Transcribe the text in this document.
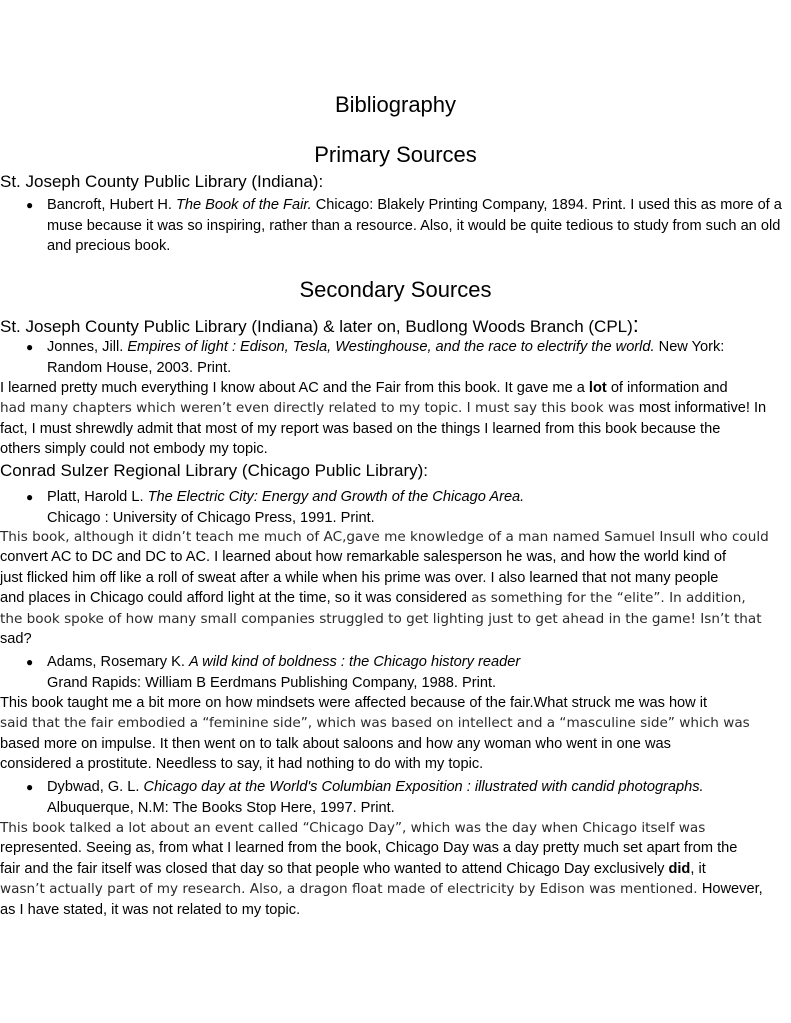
Bibliography
Primary Sources

St. Joseph County Public Library (Indiana):

● Bancroft, Hubert H. The Book of the Fair. Chicago: Blakely Printing Company, 1894. Print. I used this as more of a muse because it was so inspiring, rather than a resource. Also, it would be quite tedious to study from such an old and precious book.
Secondary Sources

St. Joseph County Public Library (Indiana) & later on, Budlong Woods Branch (CPL):

● Jonnes, Jill. Empires of light : Edison, Tesla, Westinghouse, and the race to electrify the world. New York: Random House, 2003. Print.
I learned pretty much everything I know about AC and the Fair from this book. It gave me a lot of information and
had many chapters which weren’t even directly related to my topic. I must say this book was most informative! In
fact, I must shrewdly admit that most of my report was based on the things I learned from this book because the
others simply could not embody my topic.

Conrad Sulzer Regional Library (Chicago Public Library):

● Platt, Harold L. The Electric City: Energy and Growth of the Chicago Area.
Chicago : University of Chicago Press, 1991. Print.
This book, although it didn’t teach me much of AC,gave me knowledge of a man named Samuel Insull who could
convert AC to DC and DC to AC. I learned about how remarkable salesperson he was, and how the world kind of
just flicked him off like a roll of sweat after a while when his prime was over. I also learned that not many people
and places in Chicago could afford light at the time, so it was considered as something for the “elite”. In addition,
the book spoke of how many small companies struggled to get lighting just to get ahead in the game! Isn’t that
sad?
● Adams, Rosemary K. A wild kind of boldness : the Chicago history reader
Grand Rapids: William B Eerdmans Publishing Company, 1988. Print.
This book taught me a bit more on how mindsets were affected because of the fair.What struck me was how it
said that the fair embodied a “feminine side”, which was based on intellect and a “masculine side” which was
based more on impulse. It then went on to talk about saloons and how any woman who went in one was
considered a prostitute. Needless to say, it had nothing to do with my topic.
● Dybwad, G. L. Chicago day at the World's Columbian Exposition : illustrated with candid photographs.
Albuquerque, N.M: The Books Stop Here, 1997. Print.
This book talked a lot about an event called “Chicago Day”, which was the day when Chicago itself was
represented. Seeing as, from what I learned from the book, Chicago Day was a day pretty much set apart from the
fair and the fair itself was closed that day so that people who wanted to attend Chicago Day exclusively did, it
wasn’t actually part of my research. Also, a dragon float made of electricity by Edison was mentioned. However,
as I have stated, it was not related to my topic.
